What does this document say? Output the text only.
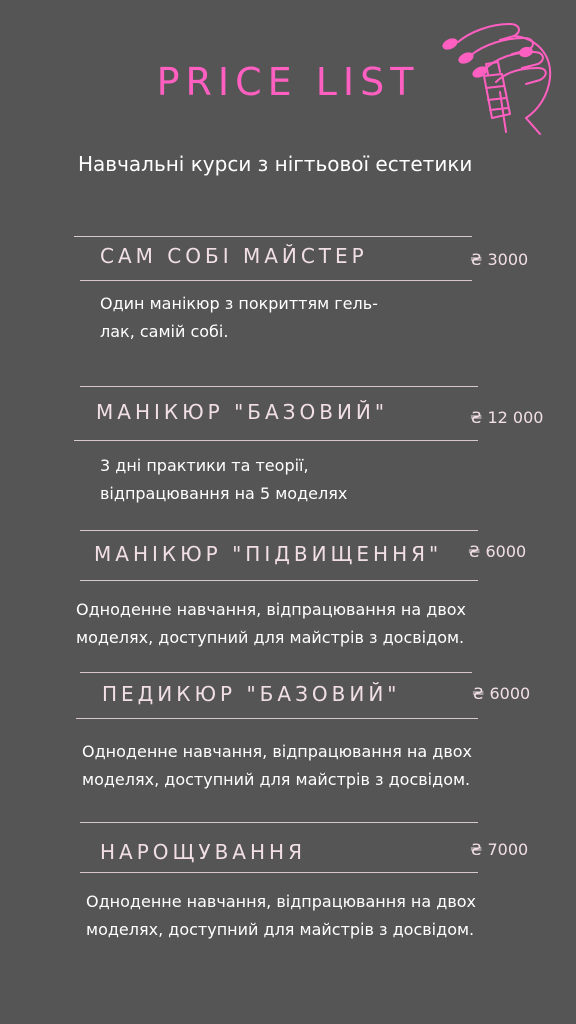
PRICE LIST
Навчальні курси з нігтьової естетики
САМ СОБІ МАЙСТЕР	₴ 3000
Один манікюр з покриттям гель-
лак, самій собі.
МАНІКЮР "БАЗОВИЙ"	₴ 12 000
3 дні практики та теорії,
відпрацювання на 5 моделях
МАНІКЮР "ПІДВИЩЕННЯ" ₴ 6000
Одноденне навчання, відпрацювання на двох
моделях, доступний для майстрів з досвідом.
ПЕДИКЮР "БАЗОВИЙ"	₴ 6000
Одноденне навчання, відпрацювання на двох
моделях, доступний для майстрів з досвідом.
НАРОЩУВАННЯ	₴ 7000
Одноденне навчання, відпрацювання на двох
моделях, доступний для майстрів з досвідом.
